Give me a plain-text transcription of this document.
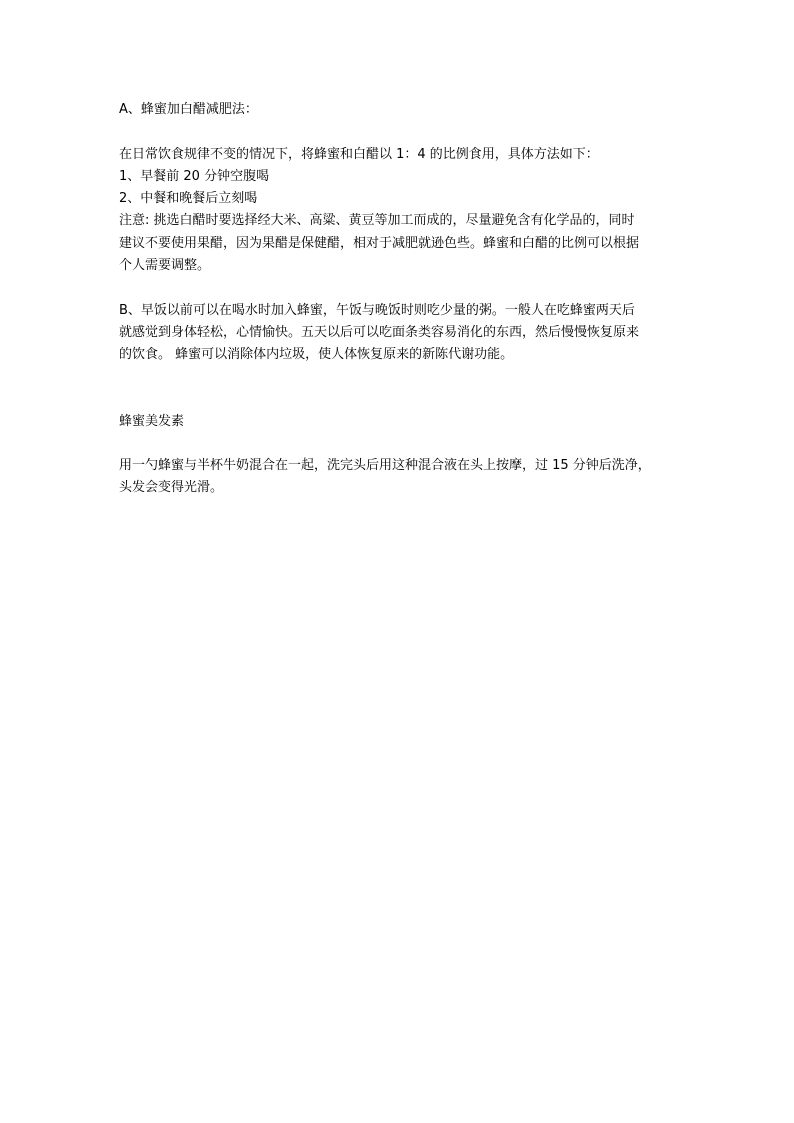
A、蜂蜜加白醋减肥法：

在日常饮食规律不变的情况下，将蜂蜜和白醋以 1：4 的比例食用，具体方法如下：

1、早餐前 20 分钟空腹喝

2、中餐和晚餐后立刻喝

注意: 挑选白醋时要选择经大米、高粱、黄豆等加工而成的，尽量避免含有化学品的，同时

建议不要使用果醋，因为果醋是保健醋，相对于减肥就逊色些。蜂蜜和白醋的比例可以根据

个人需要调整。

B、早饭以前可以在喝水时加入蜂蜜，午饭与晚饭时则吃少量的粥。一般人在吃蜂蜜两天后

就感觉到身体轻松，心情愉快。五天以后可以吃面条类容易消化的东西，然后慢慢恢复原来

的饮食。 蜂蜜可以消除体内垃圾，使人体恢复原来的新陈代谢功能。

蜂蜜美发素

用一勺蜂蜜与半杯牛奶混合在一起，洗完头后用这种混合液在头上按摩，过 15 分钟后洗净，

头发会变得光滑。
